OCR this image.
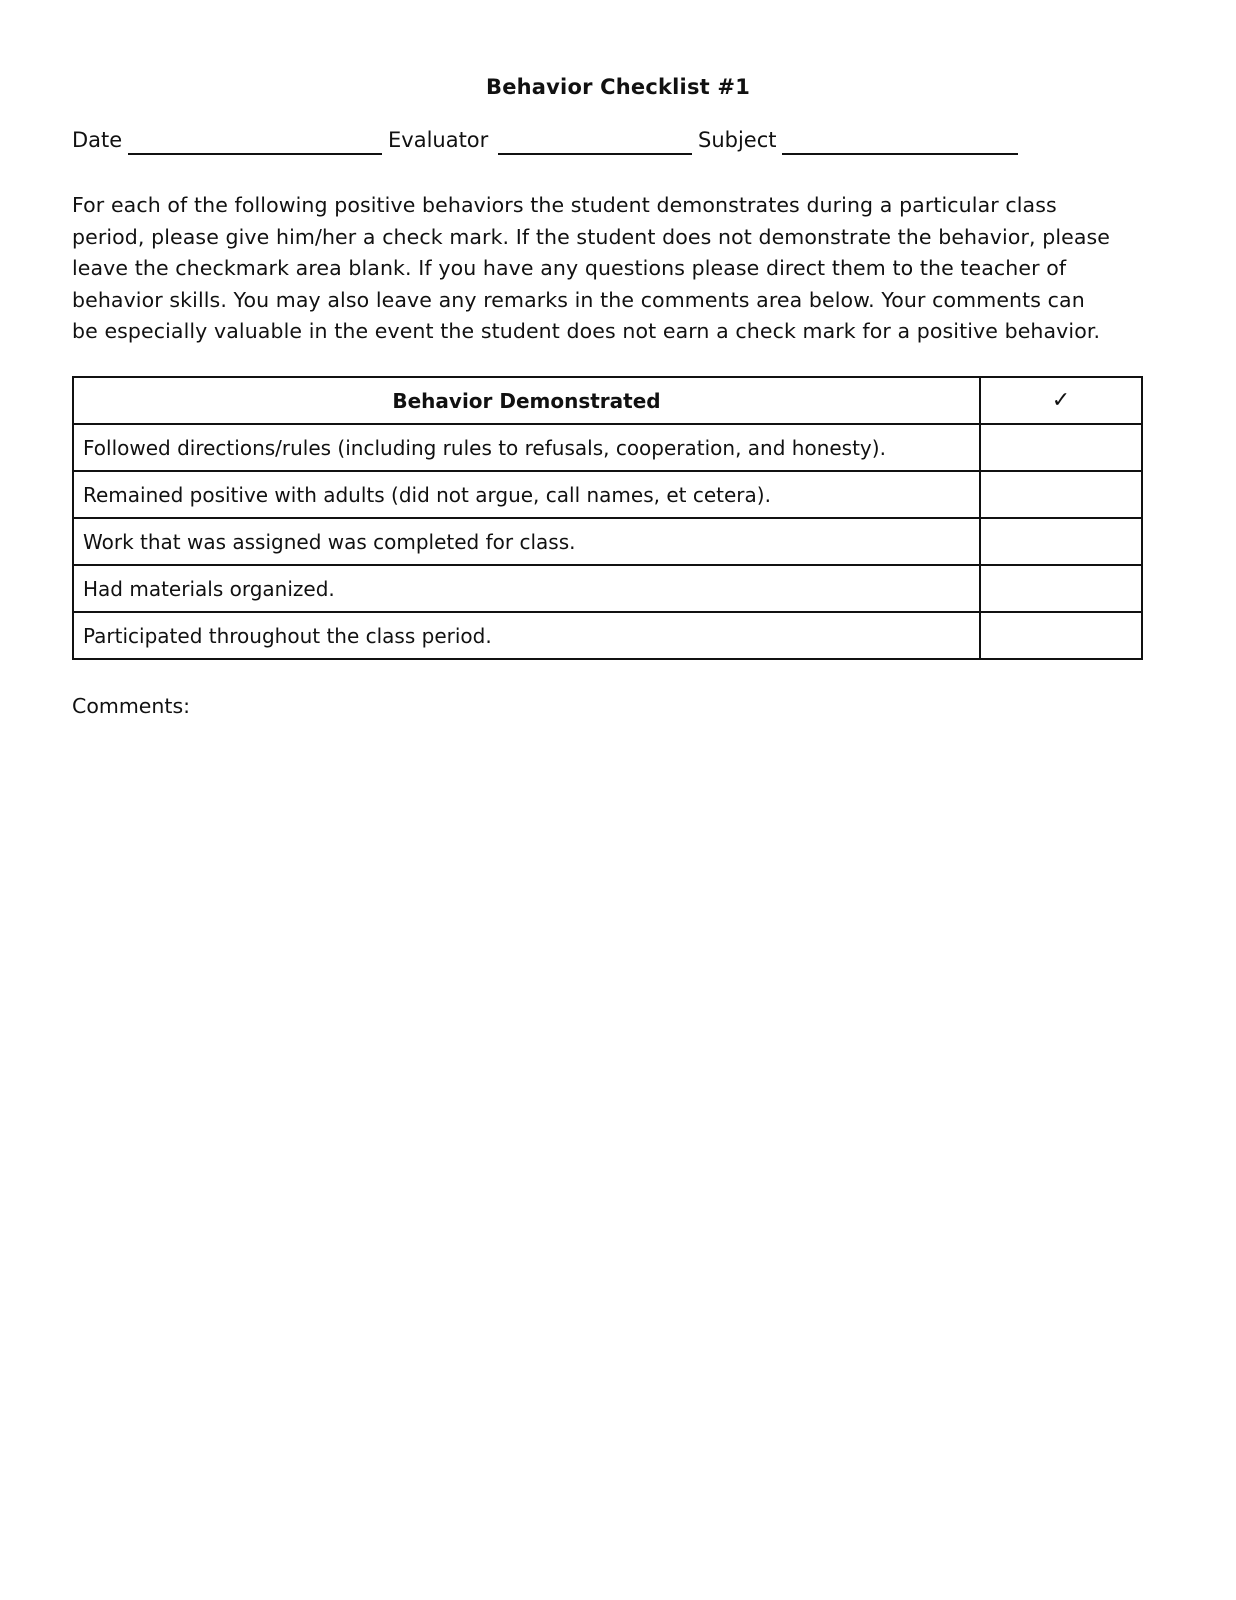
Behavior Checklist #1
Date	Evaluator	Subject
For each of the following positive behaviors the student demonstrates during a particular class
period, please give him/her a check mark. If the student does not demonstrate the behavior, please
leave the checkmark area blank. If you have any questions please direct them to the teacher of
behavior skills. You may also leave any remarks in the comments area below. Your comments can
be especially valuable in the event the student does not earn a check mark for a positive behavior.
Behavior Demonstrated	✓
Followed directions/rules (including rules to refusals, cooperation, and honesty).	
Remained positive with adults (did not argue, call names, et cetera).	
Work that was assigned was completed for class.	
Had materials organized.	
Participated throughout the class period.	
Comments:
